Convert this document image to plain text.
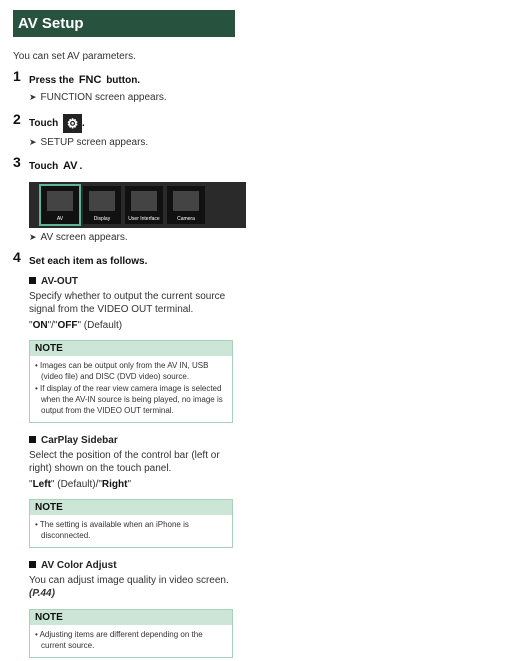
AV Setup

You can set AV parameters.

1 Press the FNC button.

➤ FUNCTION screen appears.

2 Touch ⚙ .

➤ SETUP screen appears.

3 Touch AV .
AV	Display	User Interface	Camera

➤ AV screen appears.

4 Set each item as follows.
AV-OUT

Specify whether to output the current source signal from the VIDEO OUT terminal.

"ON"/"OFF" (Default)

NOTE
• Images can be output only from the AV IN, USB (video file) and DISC (DVD video) source.
• If display of the rear view camera image is selected when the AV-IN source is being played, no image is output from the VIDEO OUT terminal.
CarPlay Sidebar

Select the position of the control bar (left or right) shown on the touch panel.

"Left" (Default)/"Right"

NOTE
• The setting is available when an iPhone is disconnected.
AV Color Adjust

You can adjust image quality in video screen.
(P.44)

NOTE
• Adjusting items are different depending on the current source.
